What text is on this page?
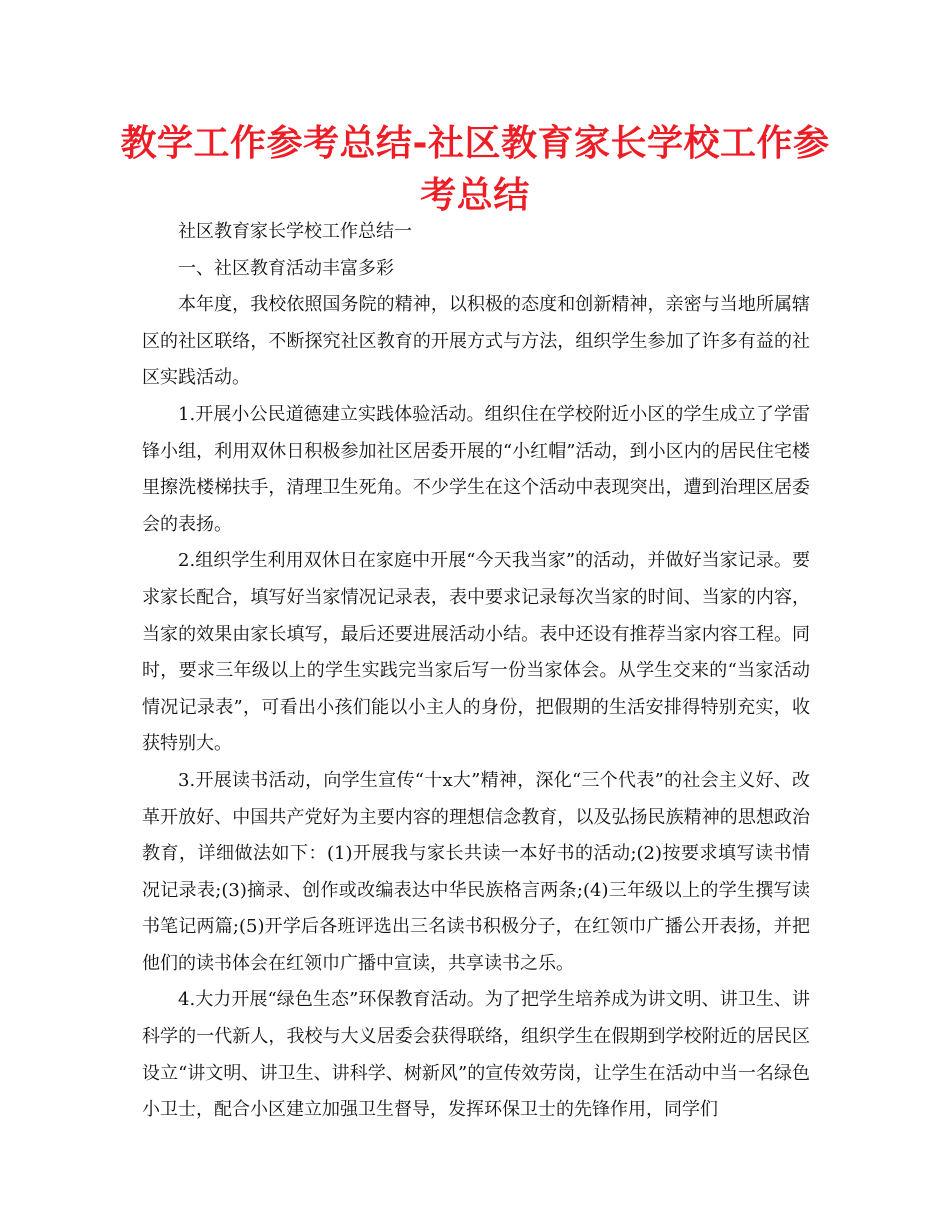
教学工作参考总结-社区教育家长学校工作参考总结

社区教育家长学校工作总结一

一、社区教育活动丰富多彩

本年度，我校依照国务院的精神，以积极的态度和创新精神，亲密与当地所属辖区的社区联络，不断探究社区教育的开展方式与方法，组织学生参加了许多有益的社区实践活动。

1.开展小公民道德建立实践体验活动。组织住在学校附近小区的学生成立了学雷锋小组，利用双休日积极参加社区居委开展的“小红帽”活动，到小区内的居民住宅楼里擦洗楼梯扶手，清理卫生死角。不少学生在这个活动中表现突出，遭到治理区居委会的表扬。

2.组织学生利用双休日在家庭中开展“今天我当家”的活动，并做好当家记录。要求家长配合，填写好当家情况记录表，表中要求记录每次当家的时间、当家的内容，当家的效果由家长填写，最后还要进展活动小结。表中还设有推荐当家内容工程。同时，要求三年级以上的学生实践完当家后写一份当家体会。从学生交来的“当家活动情况记录表”，可看出小孩们能以小主人的身份，把假期的生活安排得特别充实，收获特别大。

3.开展读书活动，向学生宣传“十x大”精神，深化“三个代表”的社会主义好、改革开放好、中国共产党好为主要内容的理想信念教育，以及弘扬民族精神的思想政治教育，详细做法如下：(1)开展我与家长共读一本好书的活动;(2)按要求填写读书情况记录表;(3)摘录、创作或改编表达中华民族格言两条;(4)三年级以上的学生撰写读书笔记两篇;(5)开学后各班评选出三名读书积极分子，在红领巾广播公开表扬，并把他们的读书体会在红领巾广播中宣读，共享读书之乐。

4.大力开展“绿色生态”环保教育活动。为了把学生培养成为讲文明、讲卫生、讲科学的一代新人，我校与大义居委会获得联络，组织学生在假期到学校附近的居民区设立“讲文明、讲卫生、讲科学、树新风”的宣传效劳岗，让学生在活动中当一名绿色小卫士，配合小区建立加强卫生督导，发挥环保卫士的先锋作用，同学们
